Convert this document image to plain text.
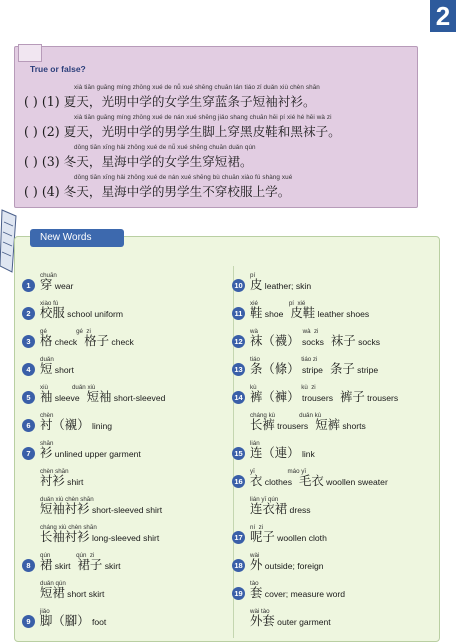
2
True or false?
xià tiān guāng míng zhōng xué de nǚ xué shēng chuān lán tiáo zǐ duǎn xiù chèn shān
( ) (1) 夏天，光明中学的女学生穿蓝条子短袖衬衫。
xià tiān guāng míng zhōng xué de nán xué shēng jiǎo shang chuān hēi pí xié hé hēi wà zi
( ) (2) 夏天，光明中学的男学生脚上穿黑皮鞋和黑袜子。
dōng tiān xīng hǎi zhōng xué de nǚ xué shēng chuān duǎn qún
( ) (3) 冬天，星海中学的女学生穿短裙。
dōng tiān xīng hǎi zhōng xué de nán xué shēng bù chuān xiào fú shàng xué
( ) (4) 冬天，星海中学的男学生不穿校服上学。
New Words
1
chuān
穿 wear
2
xiào fú
校服 school uniform
3
gé                 gé  zi
格 check 格子 check
4
duǎn
短 short
5
xiù              duǎn xiù
袖 sleeve 短袖 short-sleeved
6
chèn
衬（襯） lining
7
shān
衫 unlined upper garment
chèn shān
衬衫 shirt
duǎn xiù chèn shān
短袖衬衫 short-sleeved shirt
cháng xiù chèn shān
长袖衬衫 long-sleeved shirt
8
qún               qún  zi
裙 skirt 裙子 skirt
duǎn qún
短裙 short skirt
9
jiǎo
脚（腳） foot
10
pí
皮 leather; skin
11
xié                  pí  xié
鞋 shoe 皮鞋 leather shoes
12
wà                          wà  zi
袜（襪） socks 袜子 socks
13
tiáo                        tiáo zi
条（條） stripe 条子 stripe
14
kù                          kù  zi
裤（褲） trousers 裤子 trousers
cháng kù              duǎn kù
长裤 trousers 短裤 shorts
15
lián
连（連） link
16
yī                   máo yī
衣 clothes 毛衣 woollen sweater
lián yī qún
连衣裙 dress
17
ní  zi
呢子 woollen cloth
18
wài
外 outside; foreign
19
tào
套 cover; measure word
wài tào
外套 outer garment
